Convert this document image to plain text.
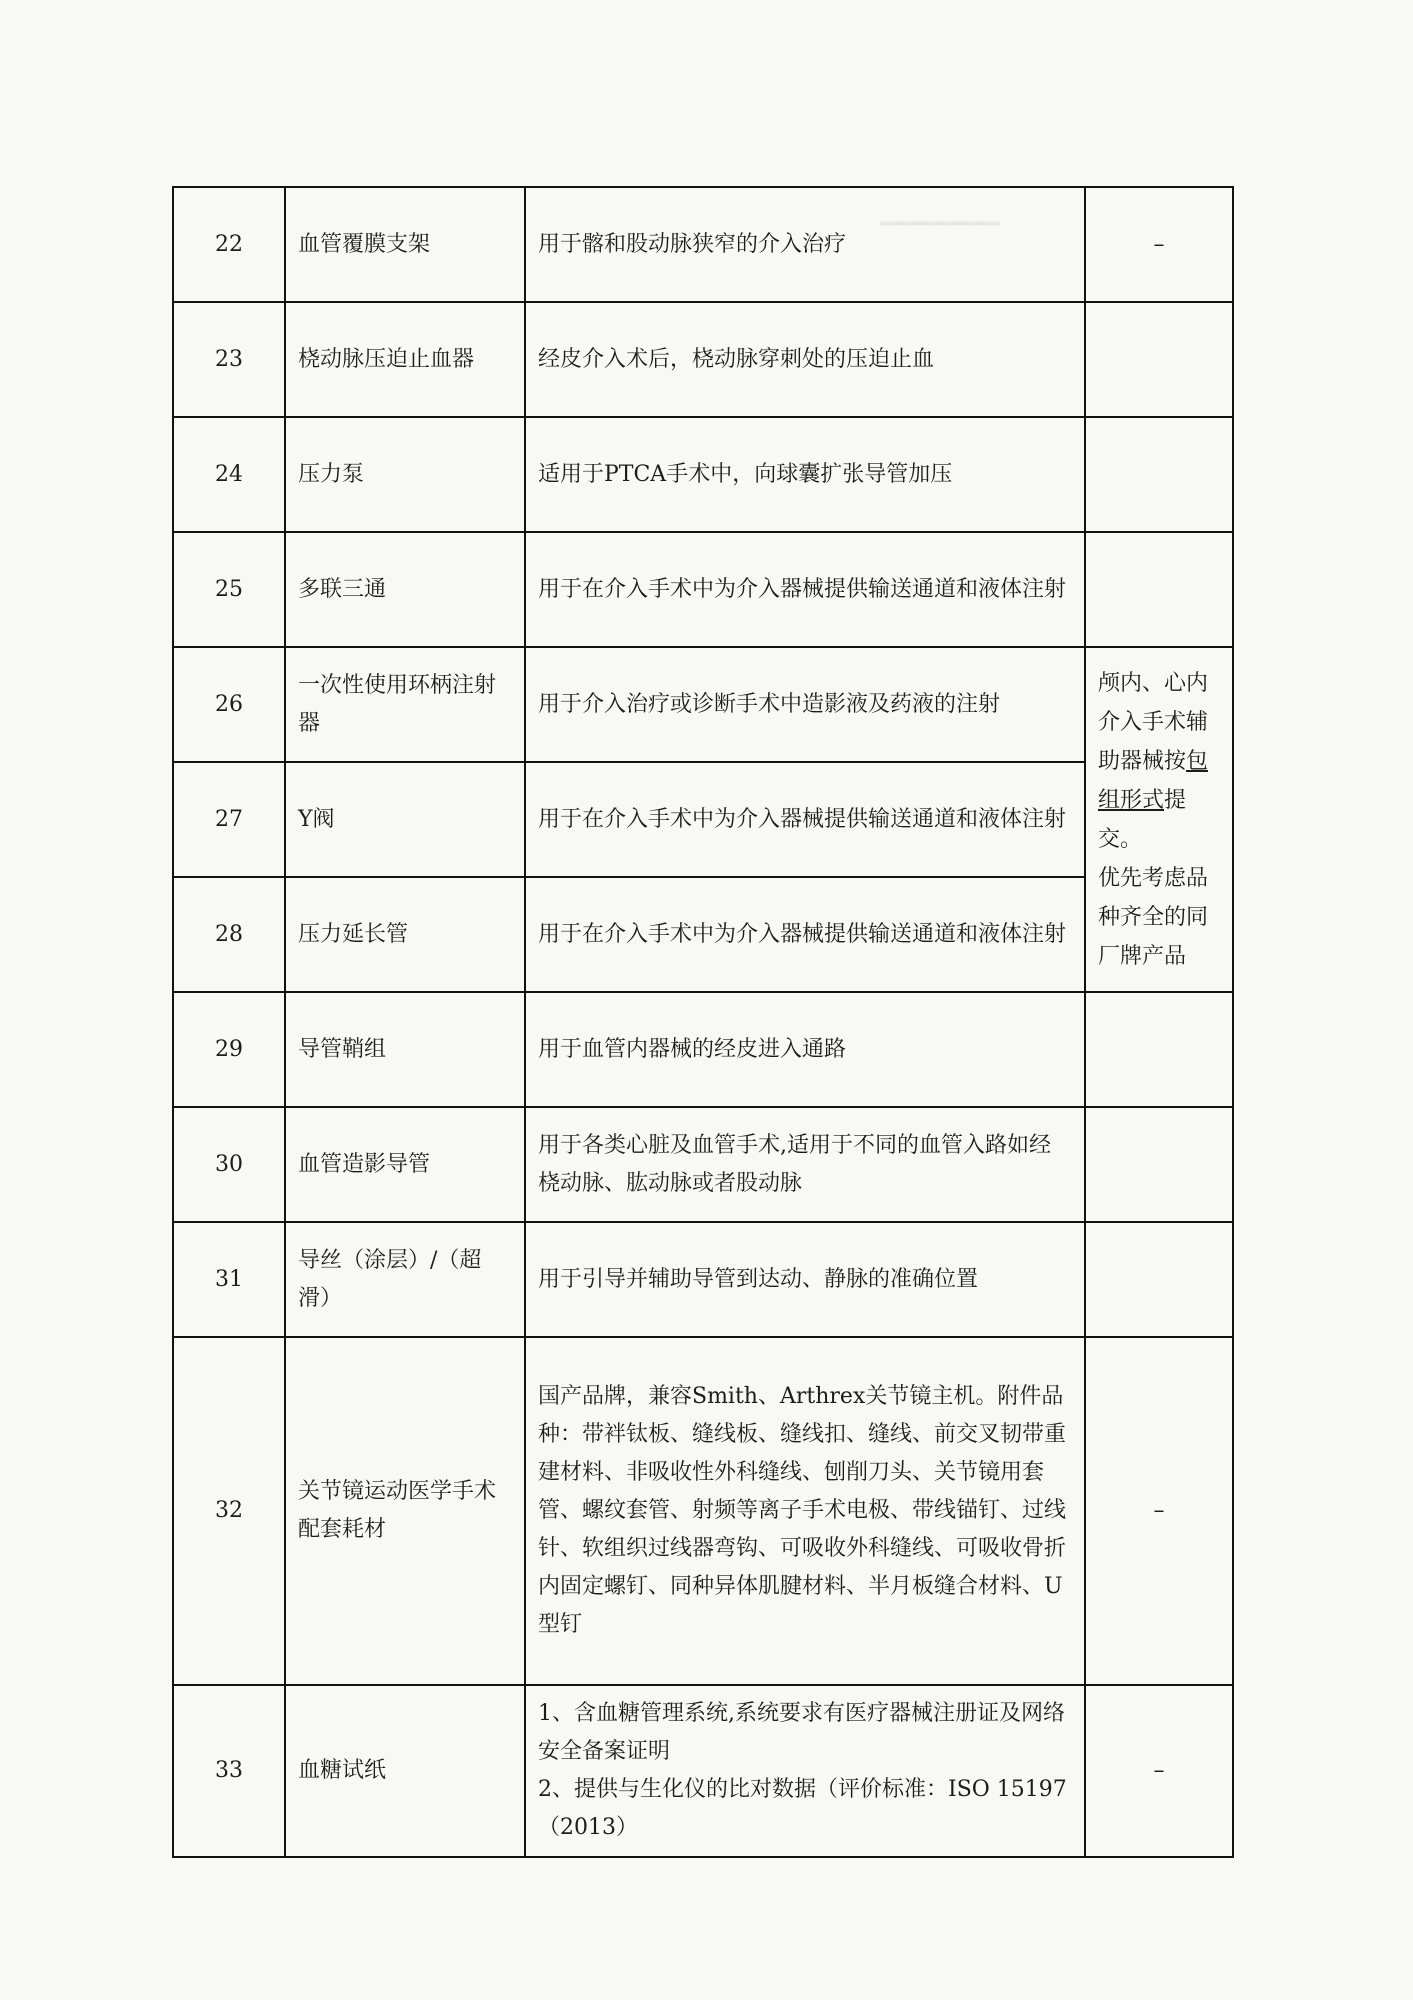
▁▁▁▁▁▁
22	血管覆膜支架	用于髂和股动脉狭窄的介入治疗	–
23	桡动脉压迫止血器	经皮介入术后，桡动脉穿刺处的压迫止血	
24	压力泵	适用于PTCA手术中，向球囊扩张导管加压	
25	多联三通	用于在介入手术中为介入器械提供输送通道和液体注射	
26	一次性使用环柄注射器	用于介入治疗或诊断手术中造影液及药液的注射	颅内、心内介入手术辅助器械按包组形式提交。
优先考虑品种齐全的同厂牌产品

27	Y阀	用于在介入手术中为介入器械提供输送通道和液体注射	
28	压力延长管	用于在介入手术中为介入器械提供输送通道和液体注射	
29	导管鞘组	用于血管内器械的经皮进入通路	
30	血管造影导管	用于各类心脏及血管手术,适用于不同的血管入路如经桡动脉、肱动脉或者股动脉	
31	导丝（涂层）/（超滑）	用于引导并辅助导管到达动、静脉的准确位置	
32	关节镜运动医学手术配套耗材	国产品牌，兼容Smith、Arthrex关节镜主机。附件品种：带袢钛板、缝线板、缝线扣、缝线、前交叉韧带重建材料、非吸收性外科缝线、刨削刀头、关节镜用套管、螺纹套管、射频等离子手术电极、带线锚钉、过线针、软组织过线器弯钩、可吸收外科缝线、可吸收骨折内固定螺钉、同种异体肌腱材料、半月板缝合材料、U型钉	–
33	血糖试纸	1、含血糖管理系统,系统要求有医疗器械注册证及网络安全备案证明
2、提供与生化仪的比对数据（评价标准：ISO 15197（2013）	–
